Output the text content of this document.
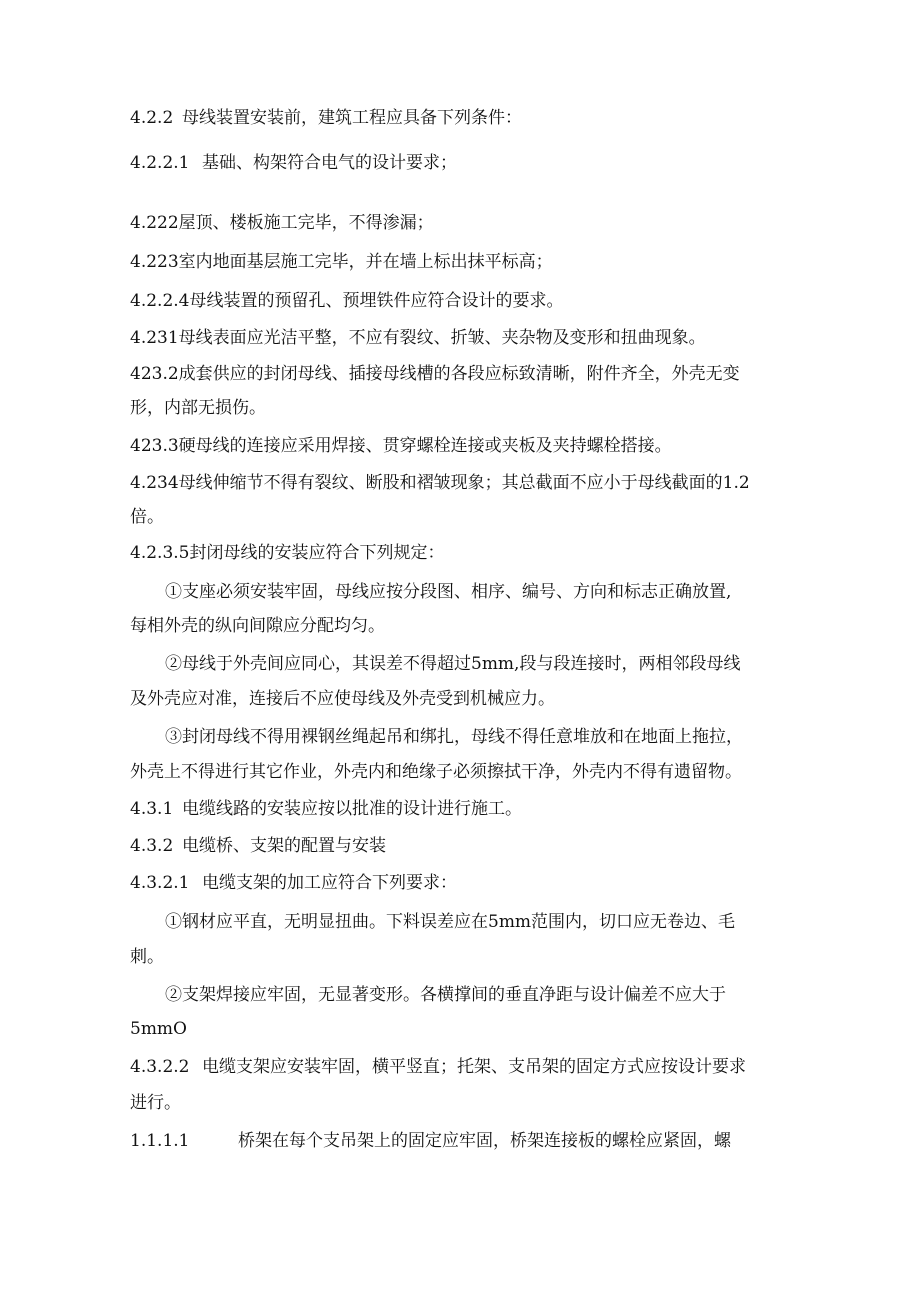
4.2.2 母线装置安装前，建筑工程应具备下列条件：
4.2.2.1 基础、构架符合电气的设计要求；
4.222屋顶、楼板施工完毕，不得渗漏；
4.223室内地面基层施工完毕，并在墙上标出抹平标高；
4.2.2.4母线装置的预留孔、预埋铁件应符合设计的要求。
4.231母线表面应光洁平整，不应有裂纹、折皱、夹杂物及变形和扭曲现象。
423.2成套供应的封闭母线、插接母线槽的各段应标致清晰，附件齐全，外壳无变
形，内部无损伤。
423.3硬母线的连接应采用焊接、贯穿螺栓连接或夹板及夹持螺栓搭接。
4.234母线伸缩节不得有裂纹、断股和褶皱现象；其总截面不应小于母线截面的1.2
倍。
4.2.3.5封闭母线的安装应符合下列规定：
①支座必须安装牢固，母线应按分段图、相序、编号、方向和标志正确放置,
每相外壳的纵向间隙应分配均匀。
②母线于外壳间应同心，其误差不得超过5mm,段与段连接时，两相邻段母线
及外壳应对准，连接后不应使母线及外壳受到机械应力。
③封闭母线不得用裸钢丝绳起吊和绑扎，母线不得任意堆放和在地面上拖拉，
外壳上不得进行其它作业，外壳内和绝缘子必须擦拭干净，外壳内不得有遗留物。
4.3.1 电缆线路的安装应按以批准的设计进行施工。
4.3.2 电缆桥、支架的配置与安装
4.3.2.1 电缆支架的加工应符合下列要求：
①钢材应平直，无明显扭曲。下料误差应在5mm范围内，切口应无卷边、毛
刺。
②支架焊接应牢固，无显著变形。各横撑间的垂直净距与设计偏差不应大于
5mmO
4.3.2.2 电缆支架应安装牢固，横平竖直；托架、支吊架的固定方式应按设计要求
进行。
1.1.1.1	桥架在每个支吊架上的固定应牢固，桥架连接板的螺栓应紧固，螺
